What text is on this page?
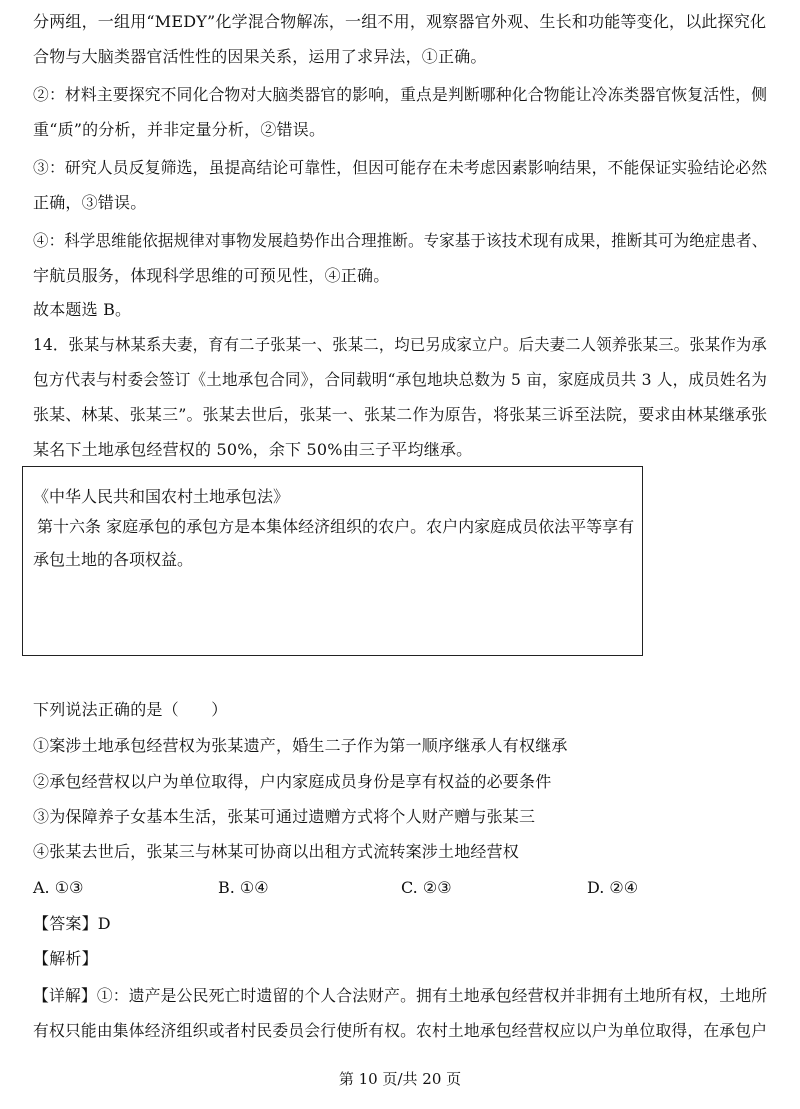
分两组，一组用“MEDY”化学混合物解冻，一组不用，观察器官外观、生长和功能等变化，以此探究化
合物与大脑类器官活性性的因果关系，运用了求异法，①正确。
②：材料主要探究不同化合物对大脑类器官的影响，重点是判断哪种化合物能让冷冻类器官恢复活性，侧
重“质”的分析，并非定量分析，②错误。
③：研究人员反复筛选，虽提高结论可靠性，但因可能存在未考虑因素影响结果，不能保证实验结论必然
正确，③错误。
④：科学思维能依据规律对事物发展趋势作出合理推断。专家基于该技术现有成果，推断其可为绝症患者、
宇航员服务，体现科学思维的可预见性，④正确。
故本题选 B。
14．张某与林某系夫妻，育有二子张某一、张某二，均已另成家立户。后夫妻二人领养张某三。张某作为承
包方代表与村委会签订《土地承包合同》，合同载明“承包地块总数为 5 亩，家庭成员共 3 人，成员姓名为
张某、林某、张某三”。张某去世后，张某一、张某二作为原告，将张某三诉至法院，要求由林某继承张
某名下土地承包经营权的 50%，余下 50%由三子平均继承。
《中华人民共和国农村土地承包法》
第十六条 家庭承包的承包方是本集体经济组织的农户。农户内家庭成员依法平等享有
承包土地的各项权益。
下列说法正确的是（　　）
①案涉土地承包经营权为张某遗产，婚生二子作为第一顺序继承人有权继承
②承包经营权以户为单位取得，户内家庭成员身份是享有权益的必要条件
③为保障养子女基本生活，张某可通过遗赠方式将个人财产赠与张某三
④张某去世后，张某三与林某可协商以出租方式流转案涉土地经营权
A. ①③	B. ①④	C. ②③	D. ②④
【答案】D
【解析】
【详解】①：遗产是公民死亡时遗留的个人合法财产。拥有土地承包经营权并非拥有土地所有权，土地所
有权只能由集体经济组织或者村民委员会行使所有权。农村土地承包经营权应以户为单位取得，在承包户
第 10 页/共 20 页
